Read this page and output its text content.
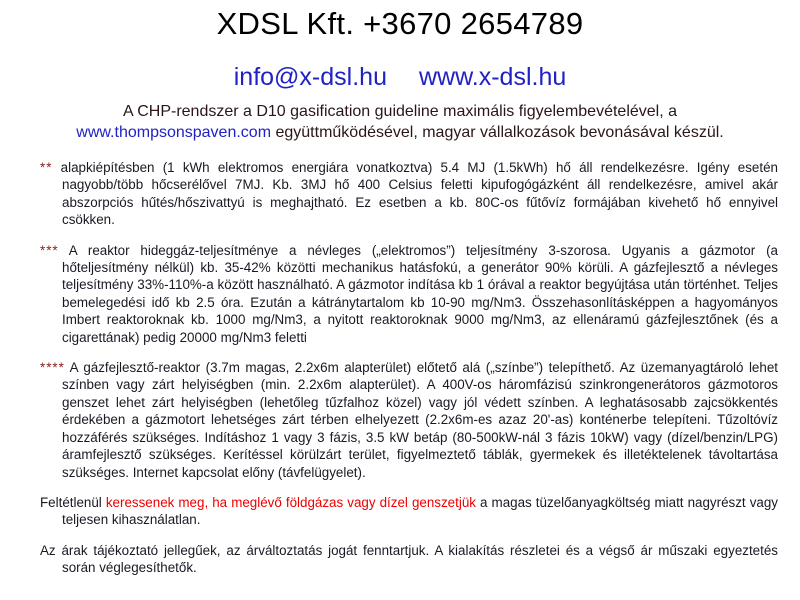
XDSL Kft. +3670 2654789
info@x-dsl.hu www.x-dsl.hu
A CHP-rendszer a D10 gasification guideline maximális figyelembevételével, a
www.thompsonspaven.com együttműködésével, magyar vállalkozások bevonásával készül.

** alapkiépítésben (1 kWh elektromos energiára vonatkoztva) 5.4 MJ (1.5kWh) hő áll rendelkezésre. Igény esetén nagyobb/több hőcserélővel 7MJ. Kb. 3MJ hő 400 Celsius feletti kipufogógázként áll rendelkezésre, amivel akár abszorpciós hűtés/hőszivattyú is meghajtható. Ez esetben a kb. 80C-os fűtővíz formájában kivehető hő ennyivel csökken.

*** A reaktor hideggáz-teljesítménye a névleges („elektromos”) teljesítmény 3-szorosa. Ugyanis a gázmotor (a hőteljesítmény nélkül) kb. 35-42% közötti mechanikus hatásfokú, a generátor 90% körüli. A gázfejlesztő a névleges teljesítmény 33%-110%-a között használható. A gázmotor indítása kb 1 órával a reaktor begyújtása után történhet. Teljes bemelegedési idő kb 2.5 óra. Ezután a kátránytartalom kb 10-90 mg/Nm3. Összehasonlításképpen a hagyományos Imbert reaktoroknak kb. 1000 mg/Nm3, a nyitott reaktoroknak 9000 mg/Nm3, az ellenáramú gázfejlesztőnek (és a cigarettának) pedig 20000 mg/Nm3 feletti

**** A gázfejlesztő-reaktor (3.7m magas, 2.2x6m alapterület) előtető alá („színbe”) telepíthető. Az üzemanyagtároló lehet színben vagy zárt helyiségben (min. 2.2x6m alapterület). A 400V-os háromfázisú szinkrongenerátoros gázmotoros genszet lehet zárt helyiségben (lehetőleg tűzfalhoz közel) vagy jól védett színben. A leghatásosabb zajcsökkentés érdekében a gázmotort lehetséges zárt térben elhelyezett (2.2x6m-es azaz 20'-as) konténerbe telepíteni. Tűzoltóvíz hozzáférés szükséges. Indításhoz 1 vagy 3 fázis, 3.5 kW betáp (80-500kW-nál 3 fázis 10kW) vagy (dízel/benzin/LPG) áramfejlesztő szükséges. Kerítéssel körülzárt terület, figyelmeztető táblák, gyermekek és illetéktelenek távoltartása szükséges. Internet kapcsolat előny (távfelügyelet).

Feltétlenül keressenek meg, ha meglévő földgázas vagy dízel genszetjük a magas tüzelőanyagköltség miatt nagyrészt vagy teljesen kihasználatlan.

Az árak tájékoztató jellegűek, az árváltoztatás jogát fenntartjuk. A kialakítás részletei és a végső ár műszaki egyeztetés során véglegesíthetők.
